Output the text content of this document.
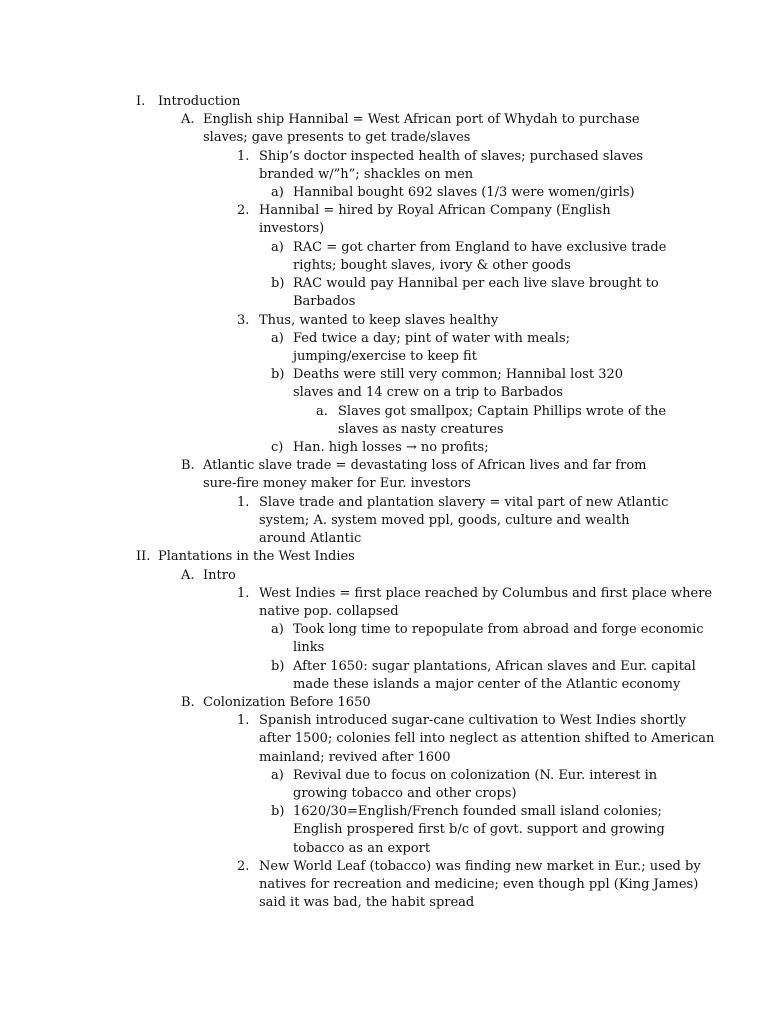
I. Introduction
A. English ship Hannibal = West African port of Whydah to purchase
slaves; gave presents to get trade/slaves
1. Ship’s doctor inspected health of slaves; purchased slaves
branded w/”h”; shackles on men
a) Hannibal bought 692 slaves (1/3 were women/girls)
2. Hannibal = hired by Royal African Company (English
investors)
a) RAC = got charter from England to have exclusive trade
rights; bought slaves, ivory & other goods
b) RAC would pay Hannibal per each live slave brought to
Barbados
3. Thus, wanted to keep slaves healthy
a) Fed twice a day; pint of water with meals;
jumping/exercise to keep fit
b) Deaths were still very common; Hannibal lost 320
slaves and 14 crew on a trip to Barbados
a. Slaves got smallpox; Captain Phillips wrote of the
slaves as nasty creatures
c) Han. high losses → no profits;
B. Atlantic slave trade = devastating loss of African lives and far from
sure-fire money maker for Eur. investors
1. Slave trade and plantation slavery = vital part of new Atlantic
system; A. system moved ppl, goods, culture and wealth
around Atlantic
II. Plantations in the West Indies
A. Intro
1. West Indies = first place reached by Columbus and first place where
native pop. collapsed
a) Took long time to repopulate from abroad and forge economic
links
b) After 1650: sugar plantations, African slaves and Eur. capital
made these islands a major center of the Atlantic economy
B. Colonization Before 1650
1. Spanish introduced sugar-cane cultivation to West Indies shortly
after 1500; colonies fell into neglect as attention shifted to American
mainland; revived after 1600
a) Revival due to focus on colonization (N. Eur. interest in
growing tobacco and other crops)
b) 1620/30=English/French founded small island colonies;
English prospered first b/c of govt. support and growing
tobacco as an export
2. New World Leaf (tobacco) was finding new market in Eur.; used by
natives for recreation and medicine; even though ppl (King James)
said it was bad, the habit spread
